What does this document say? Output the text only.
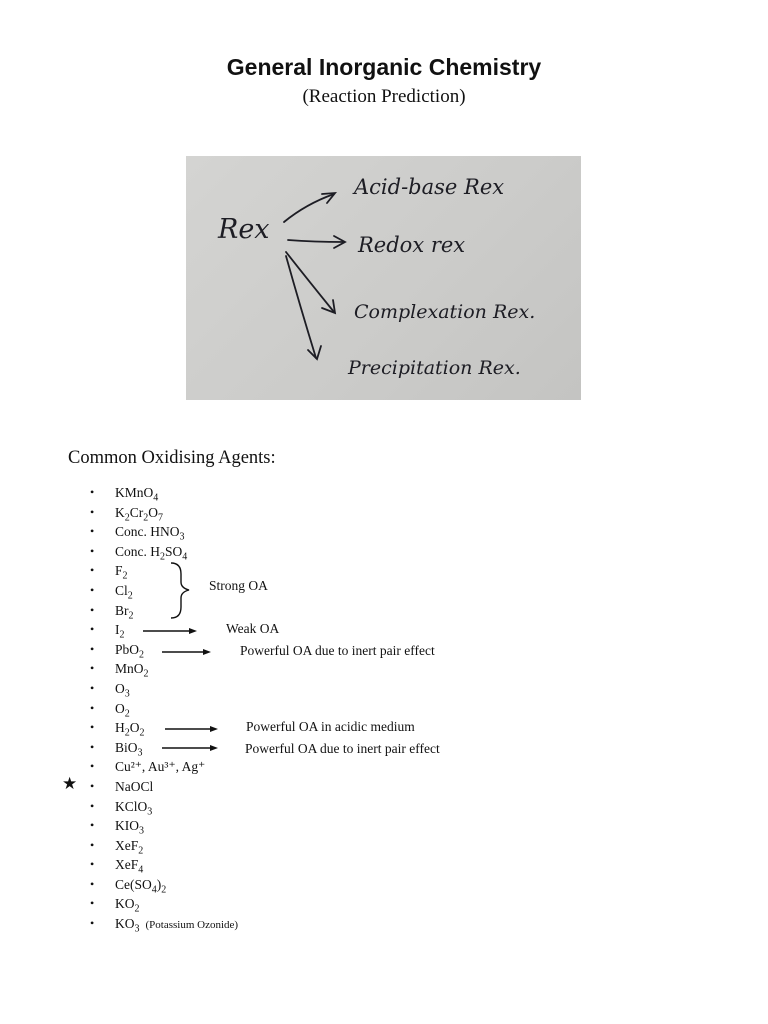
General Inorganic Chemistry
(Reaction Prediction)
Rex
Acid-base Rex
Redox rex
Complexation Rex.
Precipitation Rex.
Common Oxidising Agents:
• KMnO$_4$
• $K_2Cr_2O_7$
• Conc. $HNO_3$
• Conc. $H_2SO_4$
• $F_2$
• $Cl_2$
• $Br_2$
• $I_2$
• PbO$_2$
• MnO$_2$
• $O_3$
• $O_2$
• $H_2O_2$
• BiO$_3$
• Cu²⁺, Au³⁺, Ag⁺
• NaOCl
• KClO$_3$
• $KIO_3$
• XeF$_2$
• XeF$_4$
• $Ce(SO_4)_2$
• $KO_2$
• $KO_3$ (Potassium Ozonide)
★
Strong OA
Weak OA
Powerful OA due to inert pair effect
Powerful OA in acidic medium
Powerful OA due to inert pair effect
